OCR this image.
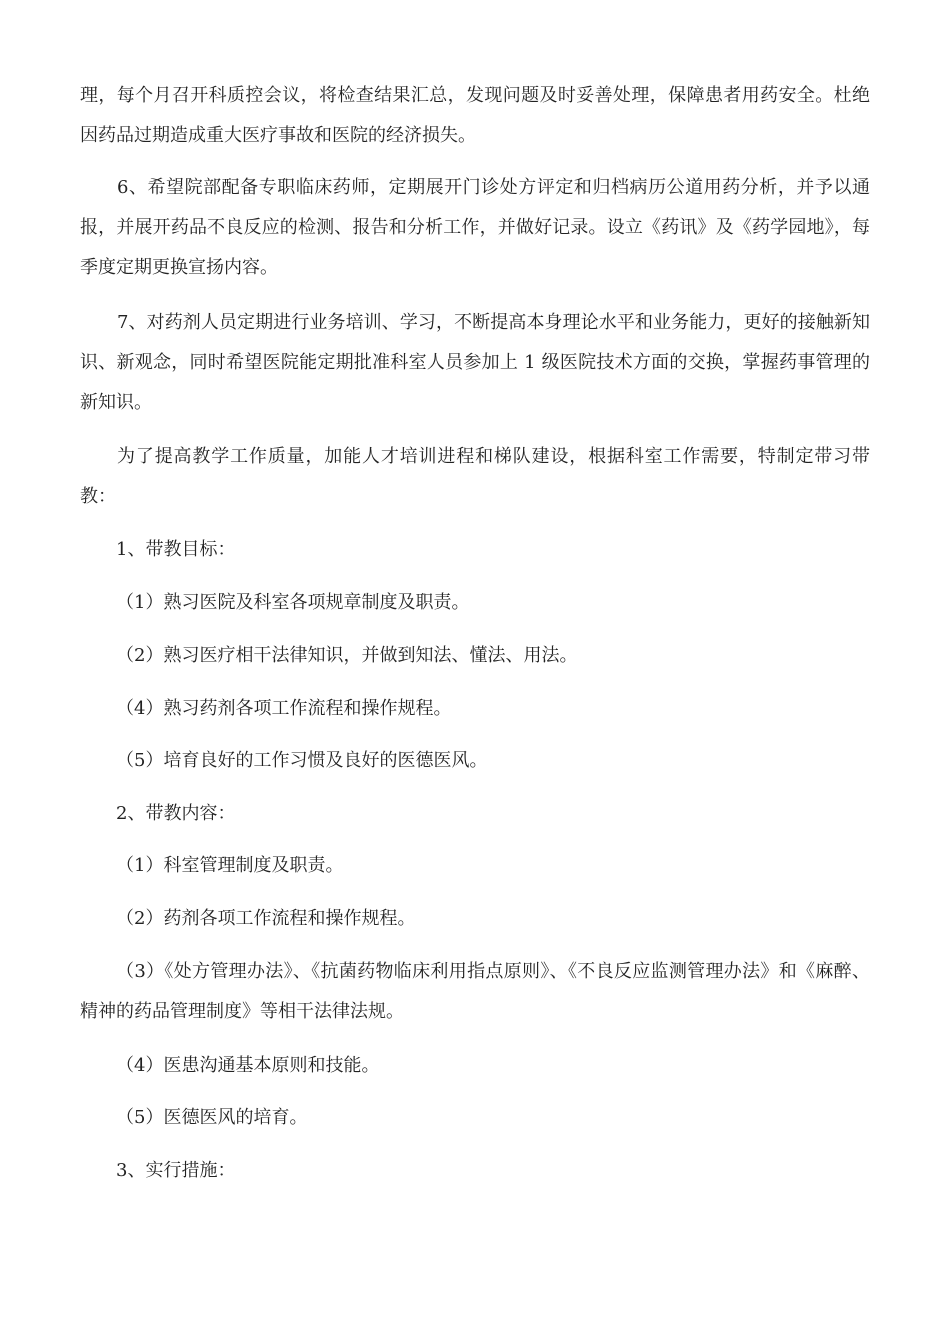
理，每个月召开科质控会议，将检查结果汇总，发现问题及时妥善处理，保障患者用药安全。杜绝因药品过期造成重大医疗事故和医院的经济损失。

6、希望院部配备专职临床药师，定期展开门诊处方评定和归档病历公道用药分析，并予以通报，并展开药品不良反应的检测、报告和分析工作，并做好记录。设立《药讯》及《药学园地》，每季度定期更换宣扬内容。

7、对药剂人员定期进行业务培训、学习，不断提高本身理论水平和业务能力，更好的接触新知识、新观念，同时希望医院能定期批准科室人员参加上 1 级医院技术方面的交换，掌握药事管理的新知识。

为了提高教学工作质量，加能人才培训进程和梯队建设，根据科室工作需要，特制定带习带教：

1、带教目标：

（1）熟习医院及科室各项规章制度及职责。

（2）熟习医疗相干法律知识，并做到知法、懂法、用法。

（4）熟习药剂各项工作流程和操作规程。

（5）培育良好的工作习惯及良好的医德医风。

2、带教内容：

（1）科室管理制度及职责。

（2）药剂各项工作流程和操作规程。

（3）《处方管理办法》、《抗菌药物临床利用指点原则》、《不良反应监测管理办法》和《麻醉、精神的药品管理制度》等相干法律法规。

（4）医患沟通基本原则和技能。

（5）医德医风的培育。

3、实行措施：
